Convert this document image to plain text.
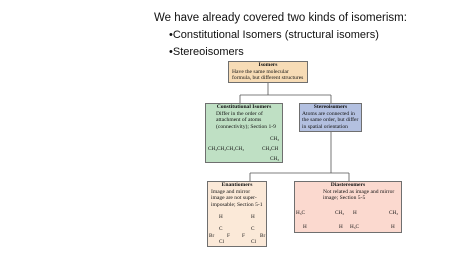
We have already covered two kinds of isomerism:
•Constitutional Isomers (structural isomers)
•Stereoisomers
Isomers
Have the same molecular formula, but different structures
Constitutional Isomers
Differ in the order of attachment of atoms (connectivity); Section 1-9
CH₃CH₂CH₂CH₃
CH₃
CH₃CH
CH₃
Stereoisomers
Atoms are connected in the same order, but differ in spatial orientation
Enantiomers
Image and mirror image are not super-imposable; Section 5-1
H
C
Br F
Cl
H
C
F	Br
Cl
Diastereomers
Not related as image and mirror image; Section 5-5
H₃C	CH₃
H	H
H	CH₃
H₃C	H
